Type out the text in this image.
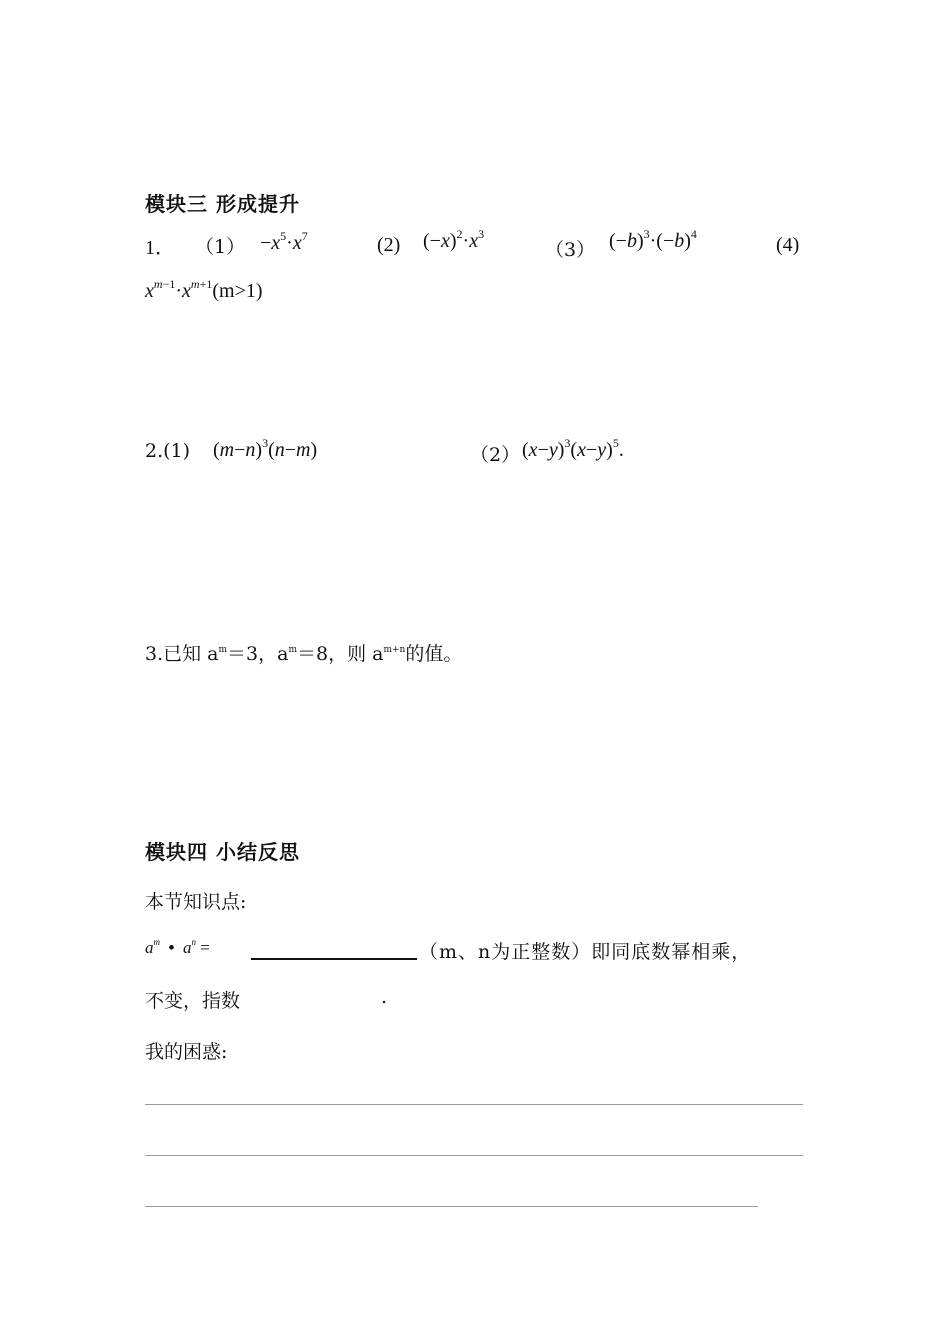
模块三 形成提升
1． $(1) -x^5\cdot x^7$	(2) $(-x)^2\cdot x^3$
（3） $(-b)^3\cdot(-b)^4$	(4)
$x^{m-1}\cdot x^{m+1}(m>1)$
2.(1) $(m-n)^3(n-m)$	（2） $(x-y)^3(x-y)^5$.
3.已知 $a^m=3$，$a^m=8$，则 $a^{m+n}$的值。
模块四 小结反思
本节知识点:
$a^m$ • $a^n$ =	（m、n为正整数）即同底数幂相乘，
不变，指数	.
我的困惑:
